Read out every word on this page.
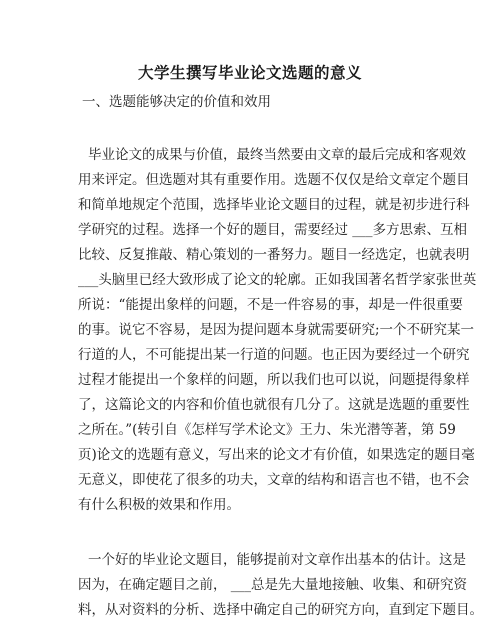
大学生撰写毕业论文选题的意义

一、选题能够决定的价值和效用

毕业论文的成果与价值，最终当然要由文章的最后完成和客观效

用来评定。但选题对其有重要作用。选题不仅仅是给文章定个题目

和简单地规定个范围，选择毕业论文题目的过程，就是初步进行科

学研究的过程。选择一个好的题目，需要经过 ___多方思索、互相

比较、反复推敲、精心策划的一番努力。题目一经选定，也就表明

___头脑里已经大致形成了论文的轮廓。正如我国著名哲学家张世英

所说：“能提出象样的问题，不是一件容易的事，却是一件很重要

的事。说它不容易，是因为提问题本身就需要研究;一个不研究某一

行道的人，不可能提出某一行道的问题。也正因为要经过一个研究

过程才能提出一个象样的问题，所以我们也可以说，问题提得象样

了，这篇论文的内容和价值也就很有几分了。这就是选题的重要性

之所在。”(转引自《怎样写学术论文》王力、朱光潜等著，第 59

页)论文的选题有意义，写出来的论文才有价值，如果选定的题目毫

无意义，即使花了很多的功夫，文章的结构和语言也不错，也不会

有什么积极的效果和作用。

一个好的毕业论文题目，能够提前对文章作出基本的估计。这是

因为，在确定题目之前， ___总是先大量地接触、收集、和研究资

料，从对资料的分析、选择中确定自己的研究方向，直到定下题目。
